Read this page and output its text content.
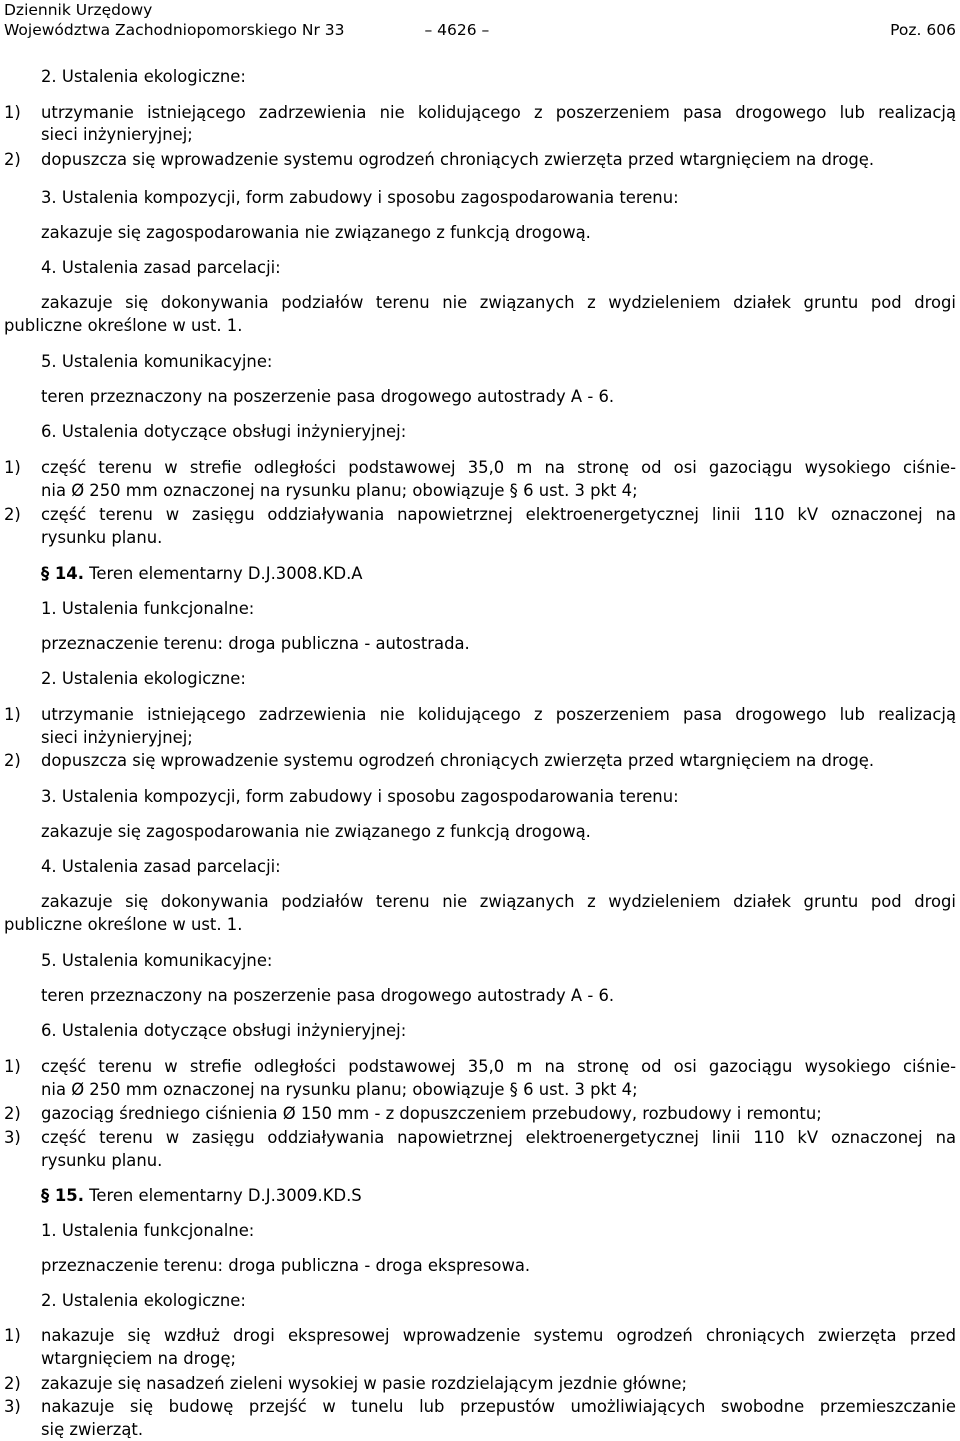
Dziennik Urzędowy
Województwa Zachodniopomorskiego Nr 33	– 4626 –	Poz. 606
2. Ustalenia ekologiczne:
1) utrzymanie istniejącego zadrzewienia nie kolidującego z poszerzeniem pasa drogowego lub realizacją
sieci inżynieryjnej;
2) dopuszcza się wprowadzenie systemu ogrodzeń chroniących zwierzęta przed wtargnięciem na drogę.
3. Ustalenia kompozycji, form zabudowy i sposobu zagospodarowania terenu:
zakazuje się zagospodarowania nie związanego z funkcją drogową.
4. Ustalenia zasad parcelacji:
zakazuje się dokonywania podziałów terenu nie związanych z wydzieleniem działek gruntu pod drogi
publiczne określone w ust. 1.
5. Ustalenia komunikacyjne:
teren przeznaczony na poszerzenie pasa drogowego autostrady A - 6.
6. Ustalenia dotyczące obsługi inżynieryjnej:
1) część terenu w strefie odległości podstawowej 35,0 m na stronę od osi gazociągu wysokiego ciśnie-
nia Ø 250 mm oznaczonej na rysunku planu; obowiązuje § 6 ust. 3 pkt 4;
2) część terenu w zasięgu oddziaływania napowietrznej elektroenergetycznej linii 110 kV oznaczonej na
rysunku planu.
§ 14. Teren elementarny D.J.3008.KD.A
1. Ustalenia funkcjonalne:
przeznaczenie terenu: droga publiczna - autostrada.
2. Ustalenia ekologiczne:
1) utrzymanie istniejącego zadrzewienia nie kolidującego z poszerzeniem pasa drogowego lub realizacją
sieci inżynieryjnej;
2) dopuszcza się wprowadzenie systemu ogrodzeń chroniących zwierzęta przed wtargnięciem na drogę.
3. Ustalenia kompozycji, form zabudowy i sposobu zagospodarowania terenu:
zakazuje się zagospodarowania nie związanego z funkcją drogową.
4. Ustalenia zasad parcelacji:
zakazuje się dokonywania podziałów terenu nie związanych z wydzieleniem działek gruntu pod drogi
publiczne określone w ust. 1.
5. Ustalenia komunikacyjne:
teren przeznaczony na poszerzenie pasa drogowego autostrady A - 6.
6. Ustalenia dotyczące obsługi inżynieryjnej:
1) część terenu w strefie odległości podstawowej 35,0 m na stronę od osi gazociągu wysokiego ciśnie-
nia Ø 250 mm oznaczonej na rysunku planu; obowiązuje § 6 ust. 3 pkt 4;
2) gazociąg średniego ciśnienia Ø 150 mm - z dopuszczeniem przebudowy, rozbudowy i remontu;
3) część terenu w zasięgu oddziaływania napowietrznej elektroenergetycznej linii 110 kV oznaczonej na
rysunku planu.
§ 15. Teren elementarny D.J.3009.KD.S
1. Ustalenia funkcjonalne:
przeznaczenie terenu: droga publiczna - droga ekspresowa.
2. Ustalenia ekologiczne:
1) nakazuje się wzdłuż drogi ekspresowej wprowadzenie systemu ogrodzeń chroniących zwierzęta przed
wtargnięciem na drogę;
2) zakazuje się nasadzeń zieleni wysokiej w pasie rozdzielającym jezdnie główne;
3) nakazuje się budowę przejść w tunelu lub przepustów umożliwiających swobodne przemieszczanie
się zwierząt.
